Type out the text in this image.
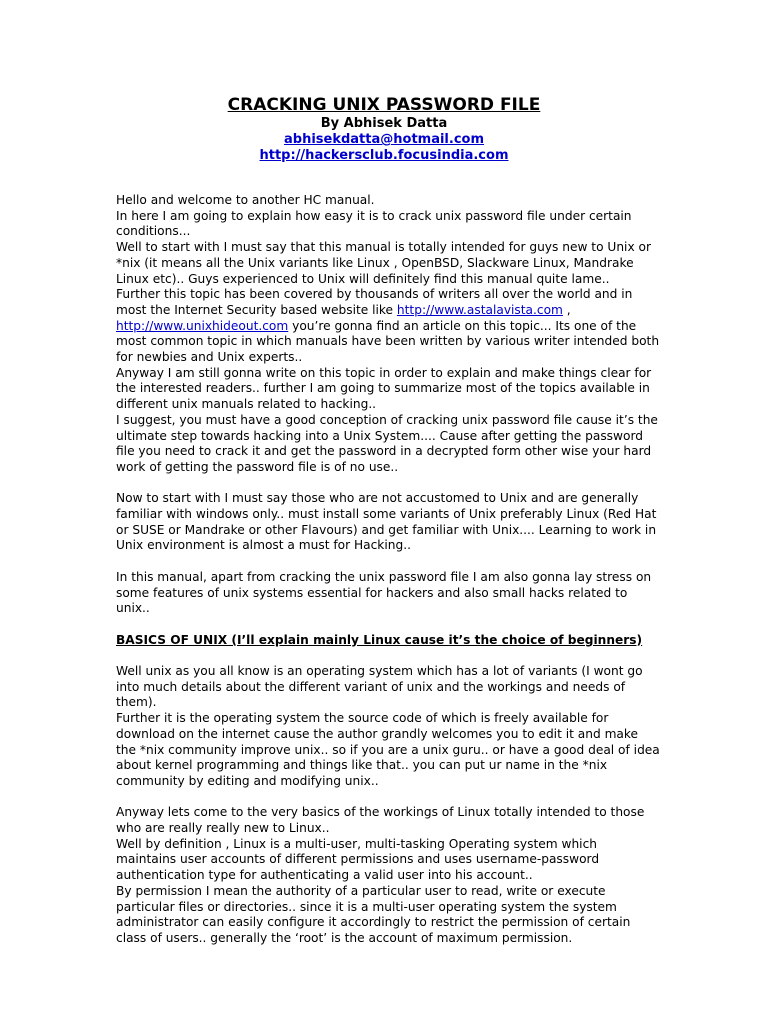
CRACKING UNIX PASSWORD FILE
By Abhisek Datta
abhisekdatta@hotmail.com
http://hackersclub.focusindia.com

Hello and welcome to another HC manual.

In here I am going to explain how easy it is to crack unix password file under certain conditions...

Well to start with I must say that this manual is totally intended for guys new to Unix or *nix (it means all the Unix variants like Linux , OpenBSD, Slackware Linux, Mandrake Linux etc).. Guys experienced to Unix will definitely find this manual quite lame..

Further this topic has been covered by thousands of writers all over the world and in most the Internet Security based website like http://www.astalavista.com , http://www.unixhideout.com you’re gonna find an article on this topic... Its one of the most common topic in which manuals have been written by various writer intended both for newbies and Unix experts..

Anyway I am still gonna write on this topic in order to explain and make things clear for the interested readers.. further I am going to summarize most of the topics available in different unix manuals related to hacking..

I suggest, you must have a good conception of cracking unix password file cause it’s the ultimate step towards hacking into a Unix System.... Cause after getting the password file you need to crack it and get the password in a decrypted form other wise your hard work of getting the password file is of no use..

Now to start with I must say those who are not accustomed to Unix and are generally familiar with windows only.. must install some variants of Unix preferably Linux (Red Hat or SUSE or Mandrake or other Flavours) and get familiar with Unix.... Learning to work in Unix environment is almost a must for Hacking..

In this manual, apart from cracking the unix password file I am also gonna lay stress on some features of unix systems essential for hackers and also small hacks related to unix..

BASICS OF UNIX (I’ll explain mainly Linux cause it’s the choice of beginners)

Well unix as you all know is an operating system which has a lot of variants (I wont go into much details about the different variant of unix and the workings and needs of them).

Further it is the operating system the source code of which is freely available for download on the internet cause the author grandly welcomes you to edit it and make the *nix community improve unix.. so if you are a unix guru.. or have a good deal of idea about kernel programming and things like that.. you can put ur name in the *nix community by editing and modifying unix..

Anyway lets come to the very basics of the workings of Linux totally intended to those who are really really new to Linux..

Well by definition , Linux is a multi-user, multi-tasking Operating system which maintains user accounts of different permissions and uses username-password authentication type for authenticating a valid user into his account..

By permission I mean the authority of a particular user to read, write or execute particular files or directories.. since it is a multi-user operating system the system administrator can easily configure it accordingly to restrict the permission of certain class of users.. generally the ‘root’ is the account of maximum permission.
